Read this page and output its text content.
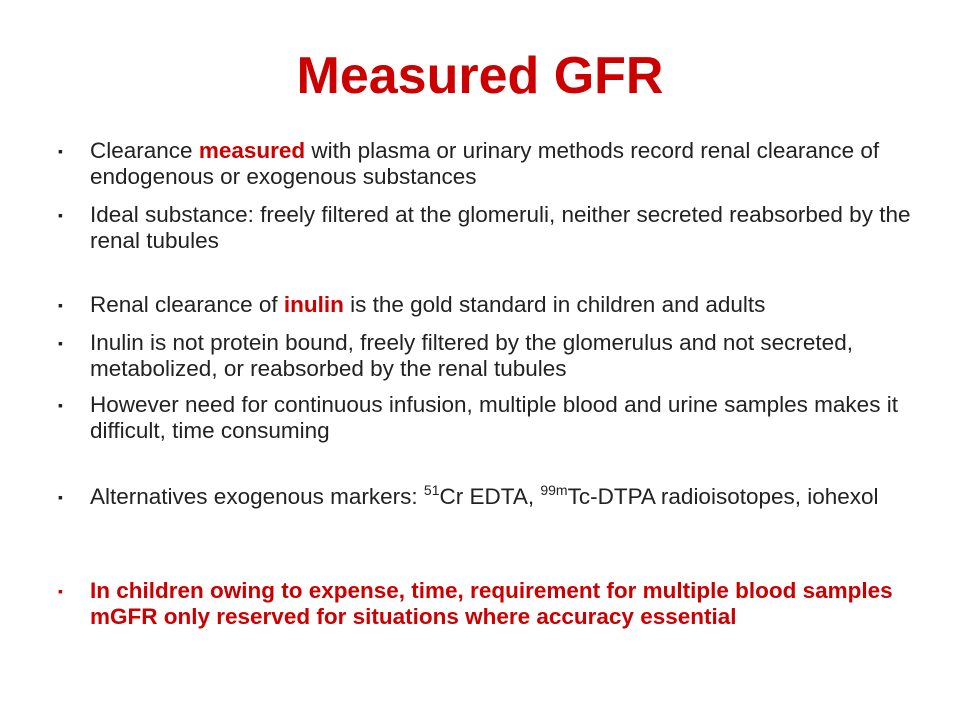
Measured GFR
▪ Clearance measured with plasma or urinary methods record renal clearance of endogenous or exogenous substances
▪ Ideal substance: freely filtered at the glomeruli, neither secreted reabsorbed by the renal tubules
▪ Renal clearance of inulin is the gold standard in children and adults
▪ Inulin is not protein bound, freely filtered by the glomerulus and not secreted, metabolized, or reabsorbed by the renal tubules
▪ However need for continuous infusion, multiple blood and urine samples makes it difficult, time consuming
▪ Alternatives exogenous markers: $^{51}$Cr EDTA, $^{99m}$Tc-DTPA radioisotopes, iohexol
▪ In children owing to expense, time, requirement for multiple blood samples mGFR only reserved for situations where accuracy essential
